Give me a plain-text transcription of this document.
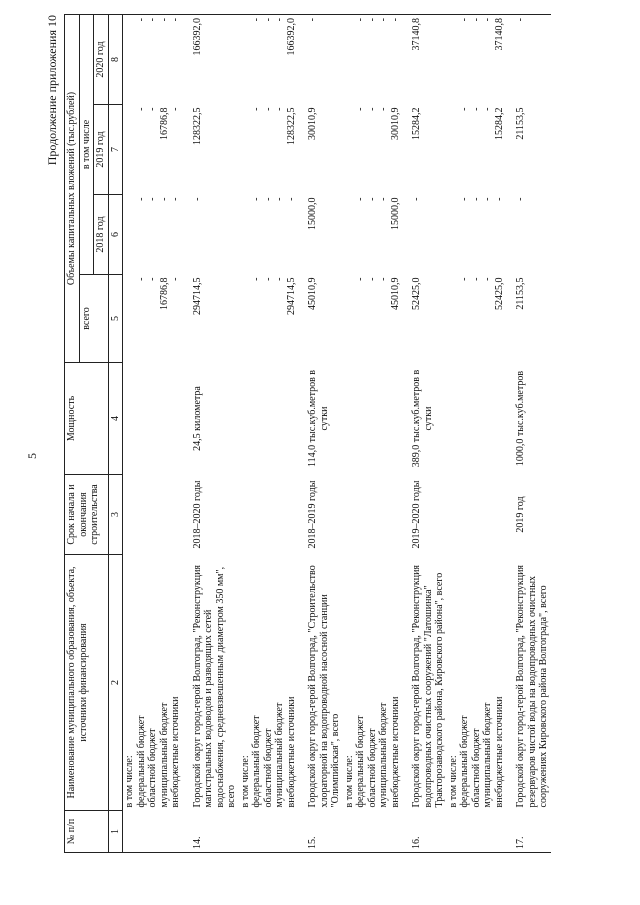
5
Продолжение приложения 10
№ п/п	Наименование муниципального образования, объекта, источники финансирования	Срок начала и окончания строительства	Мощность	Объемы капитальных вложений (тыс.рублей)			
				всего	в том числе		
					2018 год	2019 год	2020 год
1	2	3	4	5	6	7	8

	в том числе: федеральный бюджет областной бюджет муниципальный бюджет внебюджетные источники			- - 16786,8 -	- - - -	- - 16786,8 -	- - - -

14.	Городской округ город-герой Волгоград, "Реконструкция магистральных водоводов и разводящих сетей водоснабжения, средневзвешенным диаметром 350 мм", всего	2018–2020 годы	24,5 километра	294714,5	-	128322,5	166392,0

	в том числе: федеральный бюджет областной бюджет муниципальный бюджет внебюджетные источники			- - - 294714,5	- - - -	- - - 128322,5	- - - 166392,0

15.	Городской округ город-герой Волгоград, "Строительство хлораторной на водопроводной насосной станции "Олимпийская", всего	2018–2019 годы	114,0 тыс.куб.метров в сутки	45010,9	15000,0	30010,9	-

	в том числе: федеральный бюджет областной бюджет муниципальный бюджет внебюджетные источники			- - - 45010,9	- - - 15000,0	- - - 30010,9	- - - -

16.	Городской округ город-герой Волгоград, "Реконструкция водопроводных очистных сооружений "Латошинка" Тракторозаводского района, Кировского района", всего	2019–2020 годы	389,0 тыс.куб.метров в сутки	52425,0	-	15284,2	37140,8

	в том числе: федеральный бюджет областной бюджет муниципальный бюджет внебюджетные источники			- - - 52425,0	- - - -	- - - 15284,2	- - - 37140,8

17.	Городской округ город-герой Волгоград, "Реконструкция резервуаров чистой воды на водопроводных очистных сооружениях Кировского района Волгограда", всего	2019 год	1000,0 тыс.куб.метров	21153,5	-	21153,5	-
